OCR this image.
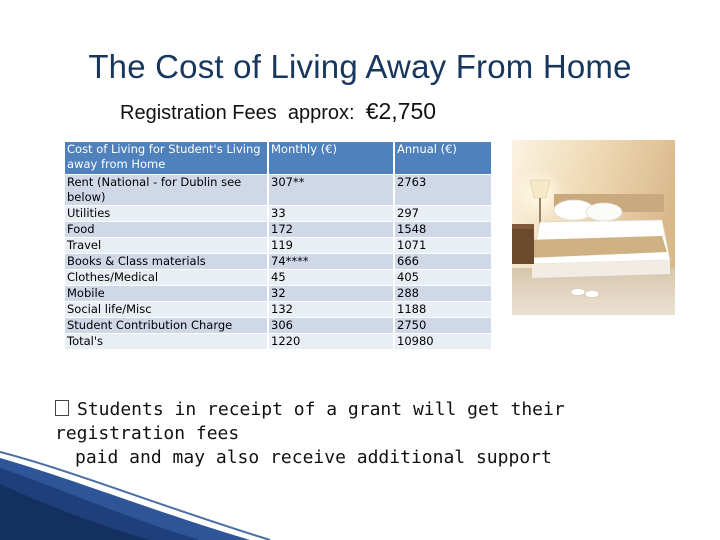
The Cost of Living Away From Home
Registration Fees  approx: €2,750
Cost of Living for Student's Living away from Home	Monthly (€)	Annual (€)
Rent (National - for Dublin see below)	307**	2763
Utilities	33	297
Food	172	1548
Travel	119	1071
Books & Class materials	74****	666
Clothes/Medical	45	405
Mobile	32	288
Social life/Misc	132	1188
Student Contribution Charge	306	2750
Total's	1220	10980
Students in receipt of a grant will get their registration fees
paid and may also receive additional support
